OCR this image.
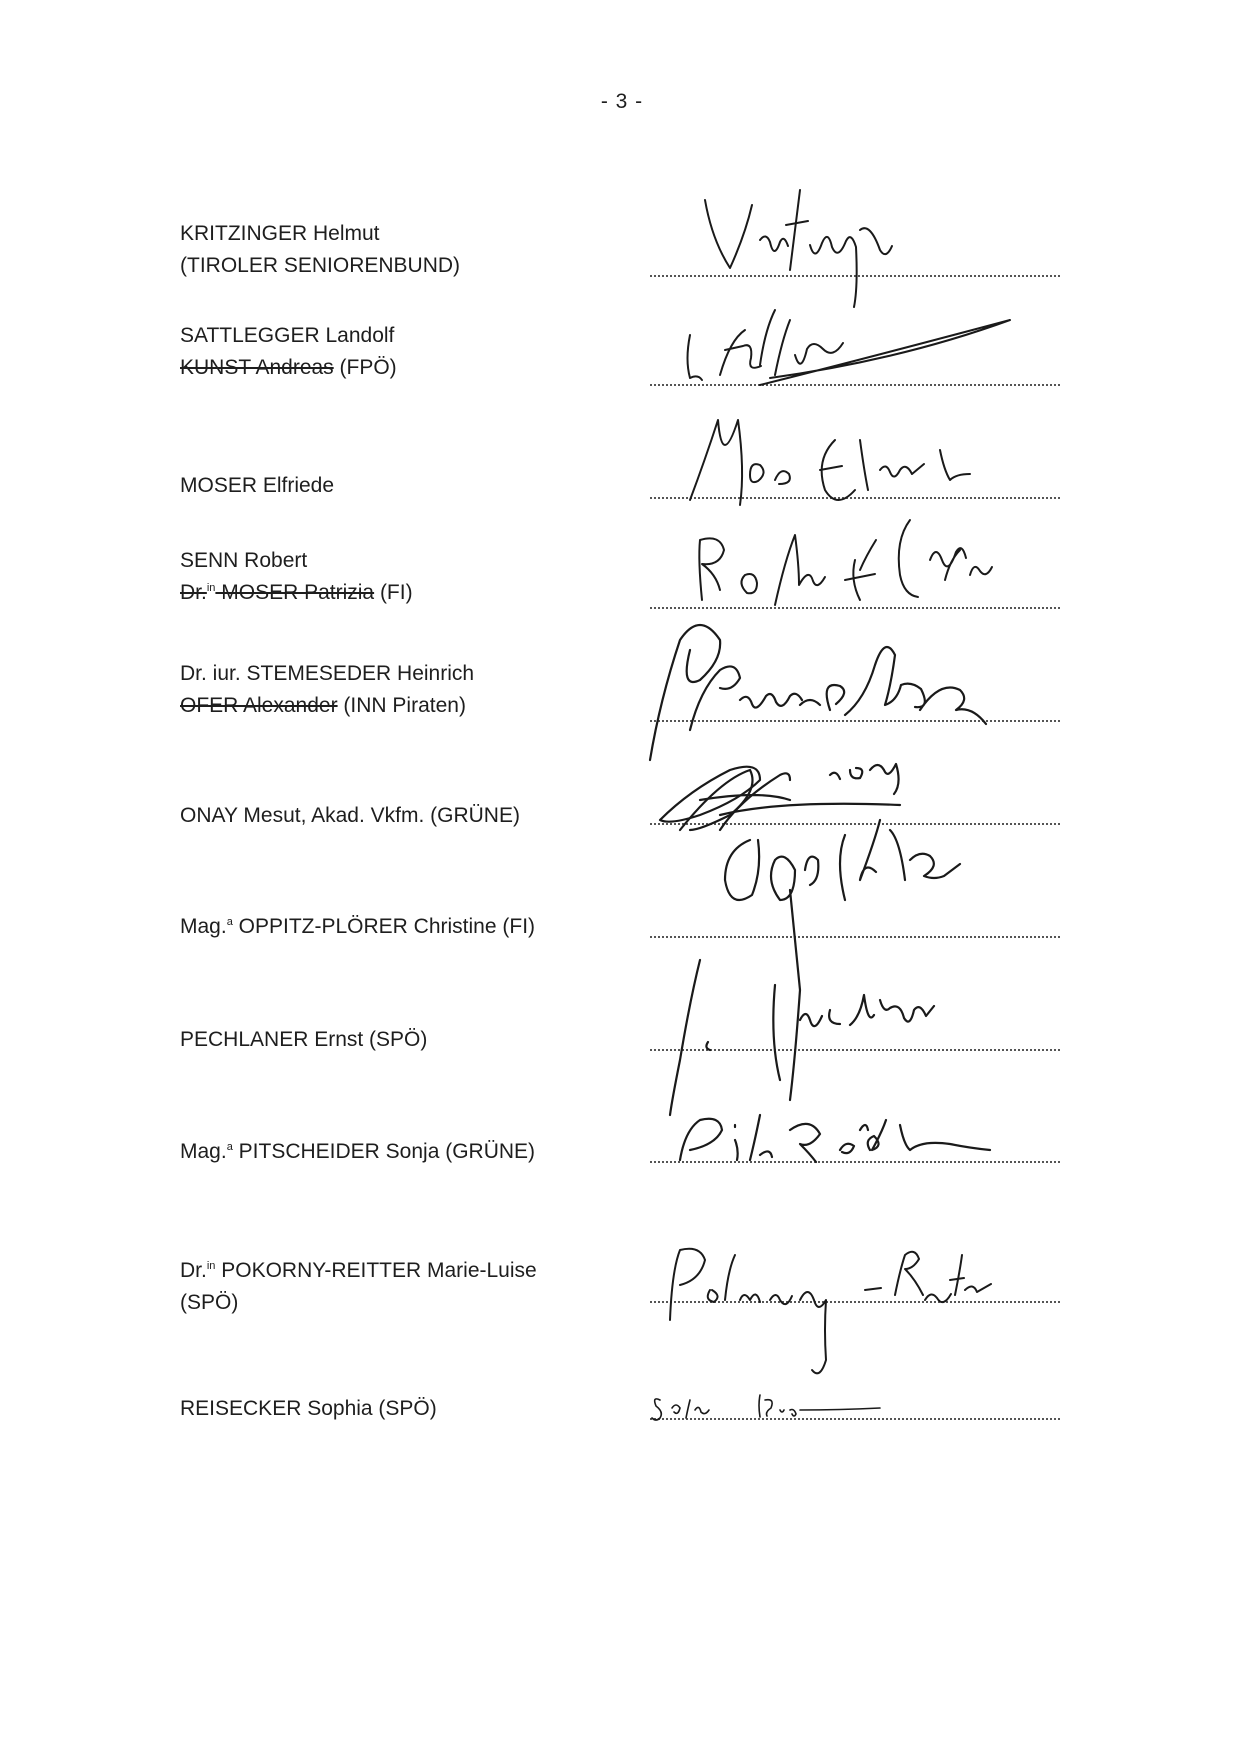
- 3 -
KRITZINGER Helmut
(TIROLER SENIORENBUND)
SATTLEGGER Landolf
KUNST Andreas (FPÖ)
MOSER Elfriede
SENN Robert
Dr.$^{in}$ MOSER Patrizia (FI)
Dr. iur. STEMESEDER Heinrich
OFER Alexander (INN Piraten)
ONAY Mesut, Akad. Vkfm. (GRÜNE)
Mag.$^a$ OPPITZ-PLÖRER Christine (FI)
PECHLANER Ernst (SPÖ)
Mag.$^a$ PITSCHEIDER Sonja (GRÜNE)
Dr.$^{in}$ POKORNY-REITTER Marie-Luise
(SPÖ)
REISECKER Sophia (SPÖ)
